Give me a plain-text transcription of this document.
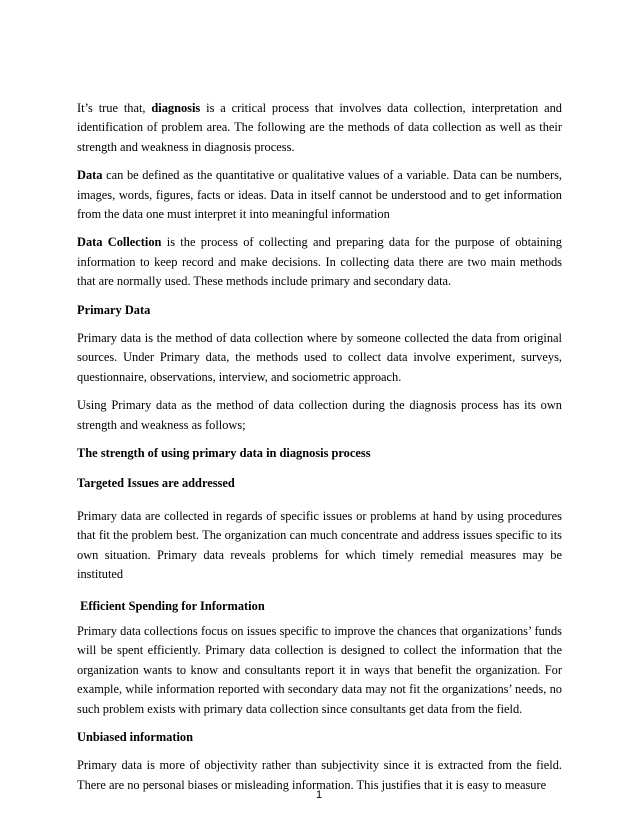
It’s true that, diagnosis is a critical process that involves data collection, interpretation and identification of problem area. The following are the methods of data collection as well as their strength and weakness in diagnosis process.

Data can be defined as the quantitative or qualitative values of a variable. Data can be numbers, images, words, figures, facts or ideas. Data in itself cannot be understood and to get information from the data one must interpret it into meaningful information

Data Collection is the process of collecting and preparing data for the purpose of obtaining information to keep record and make decisions. In collecting data there are two main methods that are normally used. These methods include primary and secondary data.

Primary Data

Primary data is the method of data collection where by someone collected the data from original sources. Under Primary data, the methods used to collect data involve experiment, surveys, questionnaire, observations, interview, and sociometric approach.

Using Primary data as the method of data collection during the diagnosis process has its own strength and weakness as follows;

The strength of using primary data in diagnosis process

Targeted Issues are addressed

Primary data are collected in regards of specific issues or problems at hand by using procedures that fit the problem best. The organization can much concentrate and address issues specific to its own situation. Primary data reveals problems for which timely remedial measures may be instituted

Efficient Spending for Information

Primary data collections focus on issues specific to improve the chances that organizations’ funds will be spent efficiently. Primary data collection is designed to collect the information that the organization wants to know and consultants report it in ways that benefit the organization. For example, while information reported with secondary data may not fit the organizations’ needs, no such problem exists with primary data collection since consultants get data from the field.

Unbiased information

Primary data is more of objectivity rather than subjectivity since it is extracted from the field. There are no personal biases or misleading information. This justifies that it is easy to measure

1
